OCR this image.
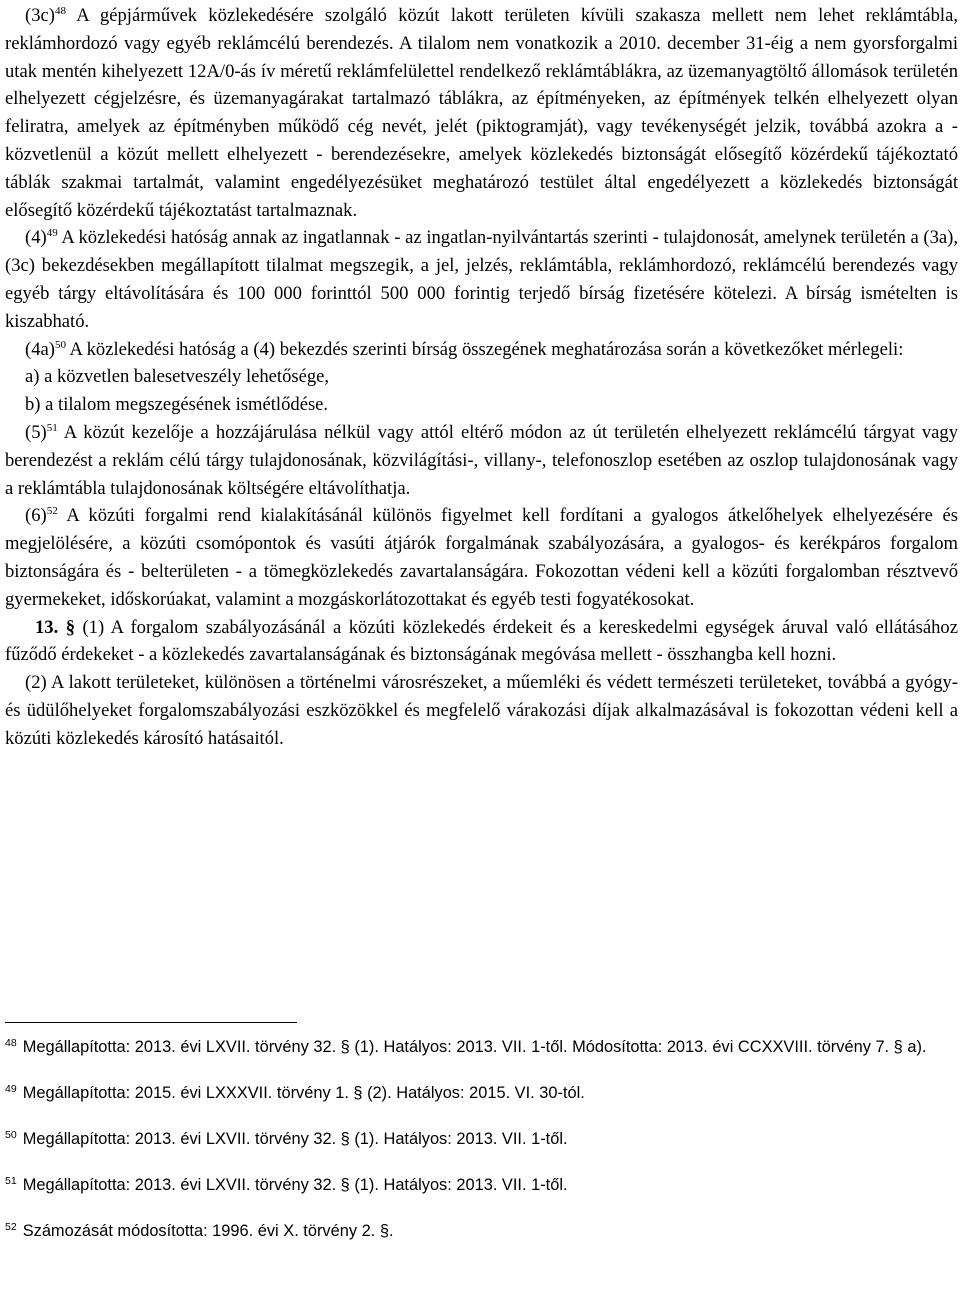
$(3c)^{48}$ A gépjárművek közlekedésére szolgáló közút lakott területen kívüli szakasza mellett nem lehet reklámtábla, reklámhordozó vagy egyéb reklámcélú berendezés. A tilalom nem vonatkozik a 2010. december 31-éig a nem gyorsforgalmi utak mentén kihelyezett 12A/0-ás ív méretű reklámfelülettel rendelkező reklámtáblákra, az üzemanyagtöltő állomások területén elhelyezett cégjelzésre, és üzemanyagárakat tartalmazó táblákra, az építményeken, az építmények telkén elhelyezett olyan feliratra, amelyek az építményben működő cég nevét, jelét (piktogramját), vagy tevékenységét jelzik, továbbá azokra a - közvetlenül a közút mellett elhelyezett - berendezésekre, amelyek közlekedés biztonságát elősegítő közérdekű tájékoztató táblák szakmai tartalmát, valamint engedélyezésüket meghatározó testület által engedélyezett a közlekedés biztonságát elősegítő közérdekű tájékoztatást tartalmaznak.

$(4)^{49}$ A közlekedési hatóság annak az ingatlannak - az ingatlan-nyilvántartás szerinti - tulajdonosát, amelynek területén a (3a), (3c) bekezdésekben megállapított tilalmat megszegik, a jel, jelzés, reklámtábla, reklámhordozó, reklámcélú berendezés vagy egyéb tárgy eltávolítására és 100 000 forinttól 500 000 forintig terjedő bírság fizetésére kötelezi. A bírság ismételten is kiszabható.

$(4a)^{50}$ A közlekedési hatóság a (4) bekezdés szerinti bírság összegének meghatározása során a következőket mérlegeli:

a) a közvetlen balesetveszély lehetősége,

b) a tilalom megszegésének ismétlődése.

$(5)^{51}$ A közút kezelője a hozzájárulása nélkül vagy attól eltérő módon az út területén elhelyezett reklámcélú tárgyat vagy berendezést a reklám célú tárgy tulajdonosának, közvilágítási-, villany-, telefonoszlop esetében az oszlop tulajdonosának vagy a reklámtábla tulajdonosának költségére eltávolíthatja.

$(6)^{52}$ A közúti forgalmi rend kialakításánál különös figyelmet kell fordítani a gyalogos átkelőhelyek elhelyezésére és megjelölésére, a közúti csomópontok és vasúti átjárók forgalmának szabályozására, a gyalogos- és kerékpáros forgalom biztonságára és - belterületen - a tömegközlekedés zavartalanságára. Fokozottan védeni kell a közúti forgalomban résztvevő gyermekeket, időskorúakat, valamint a mozgáskorlátozottakat és egyéb testi fogyatékosokat.

13. § (1) A forgalom szabályozásánál a közúti közlekedés érdekeit és a kereskedelmi egységek áruval való ellátásához fűződő érdekeket - a közlekedés zavartalanságának és biztonságának megóvása mellett - összhangba kell hozni.

(2) A lakott területeket, különösen a történelmi városrészeket, a műemléki és védett természeti területeket, továbbá a gyógy- és üdülőhelyeket forgalomszabályozási eszközökkel és megfelelő várakozási díjak alkalmazásával is fokozottan védeni kell a közúti közlekedés károsító hatásaitól.

$^{48}$ Megállapította: 2013. évi LXVII. törvény 32. § (1). Hatályos: 2013. VII. 1-től. Módosította: 2013. évi CCXXVIII. törvény 7. § a).

$^{49}$ Megállapította: 2015. évi LXXXVII. törvény 1. § (2). Hatályos: 2015. VI. 30-tól.

$^{50}$ Megállapította: 2013. évi LXVII. törvény 32. § (1). Hatályos: 2013. VII. 1-től.

$^{51}$ Megállapította: 2013. évi LXVII. törvény 32. § (1). Hatályos: 2013. VII. 1-től.

$^{52}$ Számozását módosította: 1996. évi X. törvény 2. §.
